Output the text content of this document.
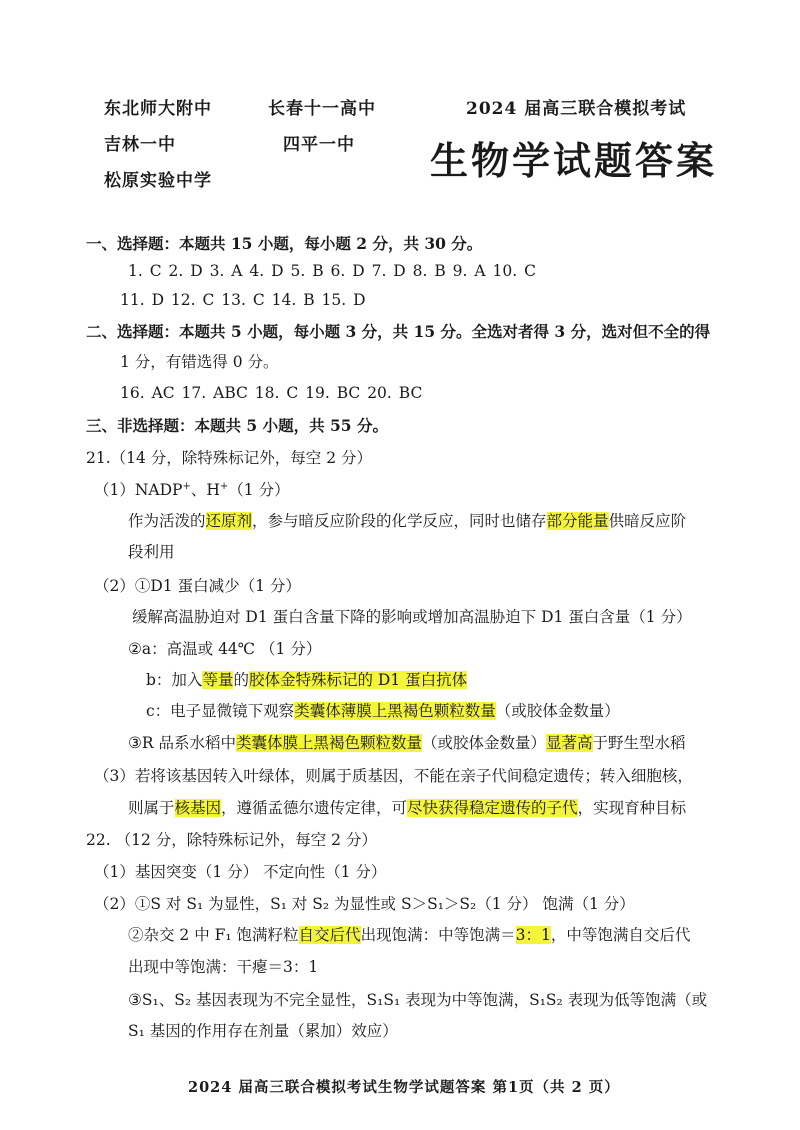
东北师大附中	长春十一高中
吉林一中	四平一中
松原实验中学
2024 届高三联合模拟考试
生物学试题答案
一、选择题：本题共 15 小题，每小题 2 分，共 30 分。
1. C 2. D 3. A 4. D 5. B 6. D 7. D 8. B 9. A 10. C
11. D 12. C 13. C 14. B 15. D
二、选择题：本题共 5 小题，每小题 3 分，共 15 分。全选对者得 3 分，选对但不全的得
1 分，有错选得 0 分。
16. AC 17. ABC 18. C 19. BC 20. BC
三、非选择题：本题共 5 小题，共 55 分。
21.（14 分，除特殊标记外，每空 2 分）
（1）NADP+、H+（1 分）
作为活泼的还原剂，参与暗反应阶段的化学反应，同时也储存部分能量供暗反应阶
段利用
（2）①D1 蛋白减少（1 分）
缓解高温胁迫对 D1 蛋白含量下降的影响或增加高温胁迫下 D1 蛋白含量（1 分）
②a：高温或 44℃ （1 分）
b：加入等量的胶体金特殊标记的 D1 蛋白抗体
c：电子显微镜下观察类囊体薄膜上黑褐色颗粒数量（或胶体金数量）
③R 品系水稻中类囊体膜上黑褐色颗粒数量（或胶体金数量）显著高于野生型水稻
（3）若将该基因转入叶绿体，则属于质基因，不能在亲子代间稳定遗传；转入细胞核，
则属于核基因，遵循孟德尔遗传定律，可尽快获得稳定遗传的子代，实现育种目标
22. （12 分，除特殊标记外，每空 2 分）
（1）基因突变（1 分） 不定向性（1 分）
（2）①S 对 S₁ 为显性，S₁ 对 S₂ 为显性或 S＞S₁＞S₂（1 分） 饱满（1 分）
②杂交 2 中 F₁ 饱满籽粒自交后代出现饱满：中等饱满＝3：1，中等饱满自交后代
出现中等饱满：干瘪＝3：1
③S₁、S₂ 基因表现为不完全显性，S₁S₁ 表现为中等饱满，S₁S₂ 表现为低等饱满（或
S₁ 基因的作用存在剂量（累加）效应）
2024 届高三联合模拟考试生物学试题答案 第1页（共 2 页）
